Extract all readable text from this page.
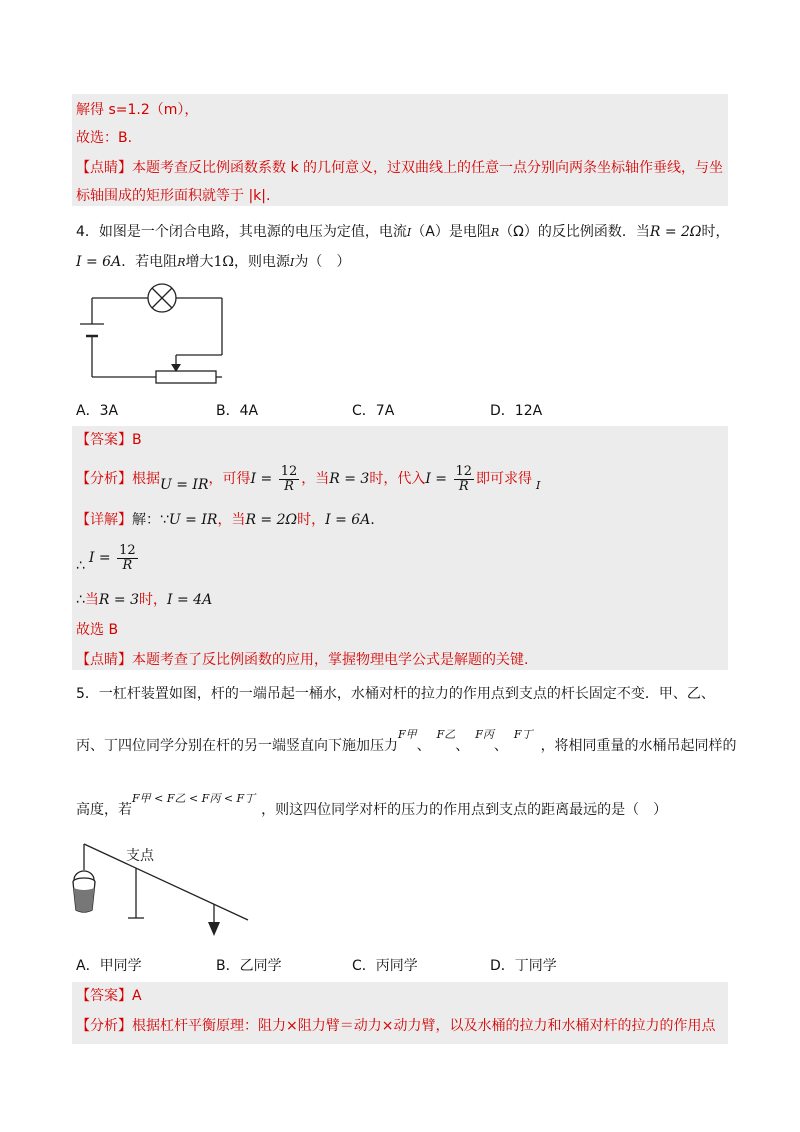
解得 s=1.2（m），
故选：B.
【点睛】本题考查反比例函数系数 k 的几何意义，过双曲线上的任意一点分别向两条坐标轴作垂线，与坐
标轴围成的矩形面积就等于 |k|.
4．如图是一个闭合电路，其电源的电压为定值，电流I（A）是电阻R（Ω）的反比例函数．当R = 2Ω时，
I = 6A．若电阻R增大1Ω，则电源I为（　）
A．3A	B．4A	C．7A	D．12A
【答案】B
【分析】根据U = IR，可得$I = \frac{12}{R}$ ，当R = 3时，代入$I = \frac{12}{R}$ 即可求得 $_I$
【详解】解：∵U = IR，当R = 2Ω时，I = 6A．
∴ $I = \frac{12}{R}$
∴当R = 3时，I = 4A
故选 B
【点睛】本题考查了反比例函数的应用，掌握物理电学公式是解题的关键.
5．一杠杆装置如图，杆的一端吊起一桶水，水桶对杆的拉力的作用点到支点的杆长固定不变．甲、乙、
丙、丁四位同学分别在杆的另一端竖直向下施加压力$^{F甲}$、$^{F乙}$、$^{F丙}$、$^{F丁}$，将相同重量的水桶吊起同样的
高度，若$^{F甲 < F乙 < F丙 < F丁}$，则这四位同学对杆的压力的作用点到支点的距离最远的是（　）
支点
A．甲同学	B．乙同学	C．丙同学	D．丁同学
【答案】A
【分析】根据杠杆平衡原理：阻力×阻力臂＝动力×动力臂，以及水桶的拉力和水桶对杆的拉力的作用点
